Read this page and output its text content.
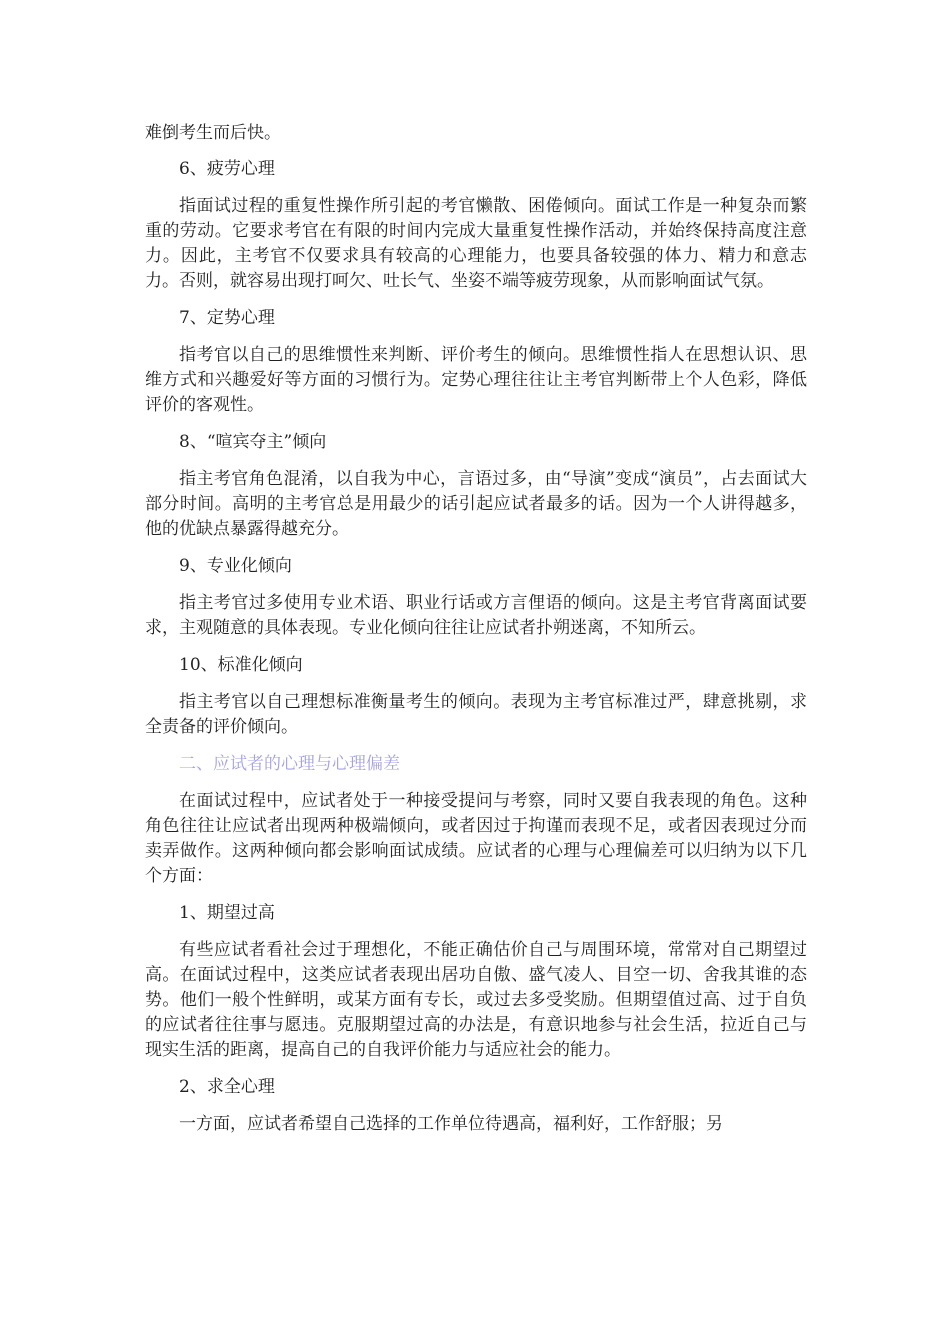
难倒考生而后快。

6、疲劳心理

指面试过程的重复性操作所引起的考官懒散、困倦倾向。面试工作是一种复杂而繁重的劳动。它要求考官在有限的时间内完成大量重复性操作活动，并始终保持高度注意力。因此，主考官不仅要求具有较高的心理能力，也要具备较强的体力、精力和意志力。否则，就容易出现打呵欠、吐长气、坐姿不端等疲劳现象，从而影响面试气氛。

7、定势心理

指考官以自己的思维惯性来判断、评价考生的倾向。思维惯性指人在思想认识、思维方式和兴趣爱好等方面的习惯行为。定势心理往往让主考官判断带上个人色彩，降低评价的客观性。

8、“喧宾夺主”倾向

指主考官角色混淆，以自我为中心，言语过多，由“导演”变成“演员”，占去面试大部分时间。高明的主考官总是用最少的话引起应试者最多的话。因为一个人讲得越多，他的优缺点暴露得越充分。

9、专业化倾向

指主考官过多使用专业术语、职业行话或方言俚语的倾向。这是主考官背离面试要求，主观随意的具体表现。专业化倾向往往让应试者扑朔迷离，不知所云。

10、标准化倾向

指主考官以自己理想标准衡量考生的倾向。表现为主考官标准过严，肆意挑剔，求全责备的评价倾向。

二、应试者的心理与心理偏差

在面试过程中，应试者处于一种接受提问与考察，同时又要自我表现的角色。这种角色往往让应试者出现两种极端倾向，或者因过于拘谨而表现不足，或者因表现过分而卖弄做作。这两种倾向都会影响面试成绩。应试者的心理与心理偏差可以归纳为以下几个方面：

1、期望过高

有些应试者看社会过于理想化，不能正确估价自己与周围环境，常常对自己期望过高。在面试过程中，这类应试者表现出居功自傲、盛气凌人、目空一切、舍我其谁的态势。他们一般个性鲜明，或某方面有专长，或过去多受奖励。但期望值过高、过于自负的应试者往往事与愿违。克服期望过高的办法是，有意识地参与社会生活，拉近自己与现实生活的距离，提高自己的自我评价能力与适应社会的能力。

2、求全心理

一方面，应试者希望自己选择的工作单位待遇高，福利好，工作舒服；另
